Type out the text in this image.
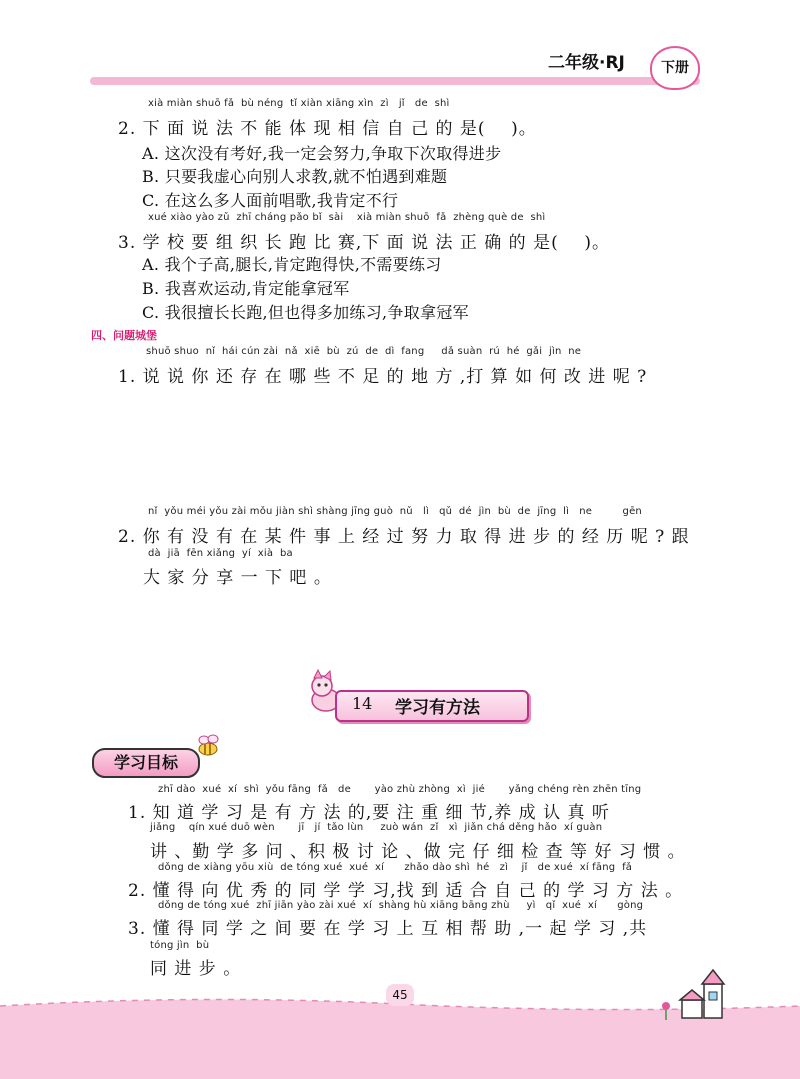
二年级·RJ	下册
xià miàn shuō fǎ  bù néng  tǐ xiàn xiāng xìn  zì   jǐ   de  shì
2. 下 面 说 法 不 能 体 现 相 信 自 己 的 是(    )。
A. 这次没有考好,我一定会努力,争取下次取得进步
B. 只要我虚心向别人求教,就不怕遇到难题
C. 在这么多人面前唱歌,我肯定不行
xué xiào yào zǔ  zhī cháng pǎo bǐ  sài    xià miàn shuō  fǎ  zhèng què de  shì
3. 学 校 要 组 织 长 跑 比 赛,下 面 说 法 正 确 的 是(    )。
A. 我个子高,腿长,肯定跑得快,不需要练习
B. 我喜欢运动,肯定能拿冠军
C. 我很擅长长跑,但也得多加练习,争取拿冠军
四、问题城堡
shuō shuo  nǐ  hái cún zài  nǎ  xiē  bù  zú  de  dì  fang     dǎ suàn  rú  hé  gǎi  jìn  ne
1. 说 说 你 还 存 在 哪 些 不 足 的 地 方 ,打 算 如 何 改 进 呢 ?
nǐ  yǒu méi yǒu zài mǒu jiàn shì shàng jīng guò  nǔ   lì   qǔ  dé  jìn  bù  de  jīng  lì   ne         gēn
2. 你 有 没 有 在 某 件 事 上 经 过 努 力 取 得 进 步 的 经 历 呢 ? 跟
dà  jiā  fēn xiǎng  yí  xià  ba
大 家 分 享 一 下 吧 。
14 学习有方法
学习目标
zhī dào  xué  xí  shì  yǒu fāng  fǎ   de       yào zhù zhòng  xì  jié       yǎng chéng rèn zhēn tīng
1. 知 道 学 习 是 有 方 法 的,要 注 重 细 节,养 成 认 真 听
jiǎng    qín xué duō wèn       jī   jí  tǎo lùn     zuò wán  zǐ   xì  jiǎn chá děng hǎo  xí guàn
讲 、勤 学 多 问 、积 极 讨 论 、做 完 仔 细 检 查 等 好 习 惯 。
dǒng de xiàng yōu xiù  de tóng xué  xué  xí      zhǎo dào shì  hé   zì    jǐ   de xué  xí fāng  fǎ
2. 懂 得 向 优 秀 的 同 学 学 习,找 到 适 合 自 己 的 学 习 方 法 。
dǒng de tóng xué  zhī jiān yào zài xué  xí  shàng hù xiāng bāng zhù     yì   qǐ  xué  xí      gòng
3. 懂 得 同 学 之 间 要 在 学 习 上 互 相 帮 助 ,一 起 学 习 ,共
tóng jìn  bù
同 进 步 。
45
